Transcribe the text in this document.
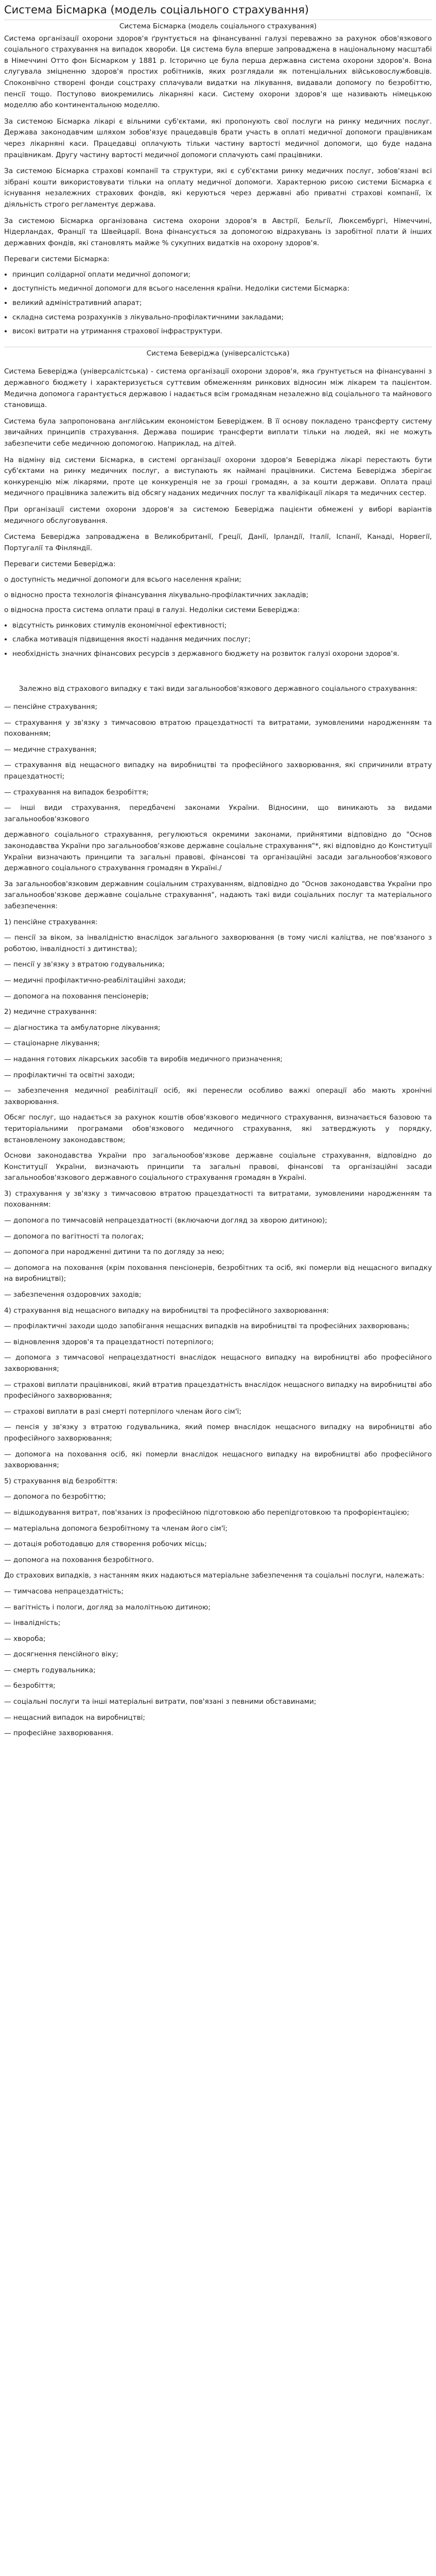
Система Бісмарка (модель соціального страхування)
Система Бісмарка (модель соціального страхування)

Система організації охорони здоров'я ґрунтується на фінансуванні галузі переважно за рахунок обов'язкового соціального страхування на випадок хвороби. Ця система була вперше запроваджена в національному масштабі в Німеччині Отто фон Бісмарком у 1881 р. Історично це була перша державна система охорони здоров'я. Вона слугувала зміцненню здоров'я простих робітників, яких розглядали як потенціальних військовослужбовців. Споконвічно створені фонди соцстраху сплачували видатки на лікування, видавали допомогу по безробіттю, пенсії тощо. Поступово виокремились лікарняні каси. Систему охорони здоров'я ще називають німецькою моделлю або континентальною моделлю.

За системою Бісмарка лікарі є вільними суб'єктами, які пропонують свої послуги на ринку медичних послуг. Держава законодавчим шляхом зобов'язує працедавців брати участь в оплаті медичної допомоги працівникам через лікарняні каси. Працедавці оплачують тільки частину вартості медичної допомоги, що буде надана працівникам. Другу частину вартості медичної допомоги сплачують самі працівники.

За системою Бісмарка страхові компанії та структури, які є суб'єктами ринку медичних послуг, зобов'язані всі зібрані кошти використовувати тільки на оплату медичної допомоги. Характерною рисою системи Бісмарка є існування незалежних страхових фондів, які керуються через державні або приватні страхові компанії, їх діяльність строго регламентує держава.

За системою Бісмарка організована система охорони здоров'я в Австрії, Бельгії, Люксембургі, Німеччині, Нідерландах, Франції та Швейцарії. Вона фінансується за допомогою відрахувань із заробітної плати й інших державних фондів, які становлять майже % сукупних видатків на охорону здоров'я.

Переваги системи Бісмарка:

• принцип солідарної оплати медичної допомоги;
• доступність медичної допомоги для всього населення країни. Недоліки системи Бісмарка:
• великий адміністративний апарат;
• складна система розрахунків з лікувально-профілактичними закладами;
• високі витрати на утримання страхової інфраструктури.
Система Беверіджа (універсалістська)

Система Беверіджа (універсалістська) - система організації охорони здоров'я, яка ґрунтується на фінансуванні з державного бюджету і характеризується суттєвим обмеженням ринкових відносин між лікарем та пацієнтом. Медична допомога гарантується державою і надається всім громадянам незалежно від соціального та майнового становища.

Система була запропонована англійським економістом Беверіджем. В її основу покладено трансферту систему звичайних принципів страхування. Держава пошириє трансферти виплати тільки на людей, які не можуть забезпечити себе медичною допомогою. Наприклад, на дітей.

На відміну від системи Бісмарка, в системі організації охорони здоров'я Беверіджа лікарі перестають бути суб'єктами на ринку медичних послуг, а виступають як наймані працівники. Система Беверіджа зберігає конкуренцію між лікарями, проте це конкуренція не за гроші громадян, а за кошти держави. Оплата праці медичного працівника залежить від обсягу наданих медичних послуг та кваліфікації лікаря та медичних сестер.

При організації системи охорони здоров'я за системою Беверіджа пацієнти обмежені у виборі варіантів медичного обслуговування.

Система Беверіджа запроваджена в Великобританії, Греції, Данії, Ірландії, Італії, Іспанії, Канаді, Норвегії, Португалії та Фінляндії.

Переваги системи Беверіджа:

о доступність медичної допомоги для всього населення країни;

о відносно проста технологія фінансування лікувально-профілактичних закладів;

о відносна проста система оплати праці в галузі. Недоліки системи Беверіджа:

• відсутність ринкових стимулів економічної ефективності;
• слабка мотивація підвищення якості надання медичних послуг;
• необхідність значних фінансових ресурсів з державного бюджету на розвиток галузі охорони здоров'я.
Залежно від страхового випадку є такі види загальнообов'язкового державного соціального страхування:
— пенсійне страхування;
— страхування у зв'язку з тимчасовою втратою працездатності та витратами, зумовленими народженням та похованням;
— медичне страхування;
— страхування від нещасного випадку на виробництві та професійного захворювання, які спричинили втрату працездатності;
— страхування на випадок безробіття;
— інші види страхування, передбачені законами України. Відносини, що виникають за видами загальнообов'язкового
державного соціального страхування, регулюються окремими законами, прийнятими відповідно до "Основ законодавства України про загальнообов'язкове державне соціальне страхування"*, які відповідно до Конституції України визначають принципи та загальні правові, фінансові та організаційні засади загальнообов'язкового державного соціального страхування громадян в Україні./
За загальнообов'язковим державним соціальним страхуванням, відповідно до "Основ законодавства України про загальнообов'язкове державне соціальне страхування", надають такі види соціальних послуг та матеріального забезпечення:
1) пенсійне страхування:
— пенсії за віком, за інвалідністю внаслідок загального захворювання (в тому числі каліцтва, не пов'язаного з роботою, інвалідності з дитинства);
— пенсії у зв'язку з втратою годувальника;
— медичні профілактично-реабілітаційні заходи;
— допомога на поховання пенсіонерів;
2) медичне страхування:
— діагностика та амбулаторне лікування;
— стаціонарне лікування;
— надання готових лікарських засобів та виробів медичного призначення;
— профілактичні та освітні заходи;
— забезпечення медичної реабілітації осіб, які перенесли особливо важкі операції або мають хронічні захворювання.
Обсяг послуг, що надається за рахунок коштів обов'язкового медичного страхування, визначається базовою та територіальними програмами обов'язкового медичного страхування, які затверджують у порядку, встановленому законодавством;
Основи законодавства України про загальнообов'язкове державне соціальне страхування, відповідно до Конституції України, визначають принципи та загальні правові, фінансові та організаційні засади загальнообов'язкового державного соціального страхування громадян в Україні.
3) страхування у зв'язку з тимчасовою втратою працездатності та витратами, зумовленими народженням та похованням:
— допомога по тимчасовій непрацездатності (включаючи догляд за хворою дитиною);
— допомога по вагітності та пологах;
— допомога при народженні дитини та по догляду за нею;
— допомога на поховання (крім поховання пенсіонерів, безробітних та осіб, які померли від нещасного випадку на виробництві);
— забезпечення оздоровчих заходів;
4) страхування від нещасного випадку на виробництві та професійного захворювання:
— профілактичні заходи щодо запобігання нещасних випадків на виробництві та професійних захворювань;
— відновлення здоров'я та працездатності потерпілого;
— допомога з тимчасової непрацездатності внаслідок нещасного випадку на виробництві або професійного захворювання;
— страхові виплати працівникові, який втратив працездатність внаслідок нещасного випадку на виробництві або професійного захворювання;
— страхові виплати в разі смерті потерпілого членам його сім'ї;
— пенсія у зв'язку з втратою годувальника, який помер внаслідок нещасного випадку на виробництві або професійного захворювання;
— допомога на поховання осіб, які померли внаслідок нещасного випадку на виробництві або професійного захворювання;
5) страхування від безробіття:
— допомога по безробіттю;
— відшкодування витрат, пов'язаних із професійною підготовкою або перепідготовкою та профорієнтацією;
— матеріальна допомога безробітному та членам його сім'ї;
— дотація роботодавцю для створення робочих місць;
— допомога на поховання безробітного.
До страхових випадків, з настанням яких надаються матеріальне забезпечення та соціальні послуги, належать:
— тимчасова непрацездатність;
— вагітність і пологи, догляд за малолітньою дитиною;
— інвалідність;
— хвороба;
— досягнення пенсійного віку;
— смерть годувальника;
— безробіття;
— соціальні послуги та інші матеріальні витрати, пов'язані з певними обставинами;
— нещасний випадок на виробництві;
— професійне захворювання.
